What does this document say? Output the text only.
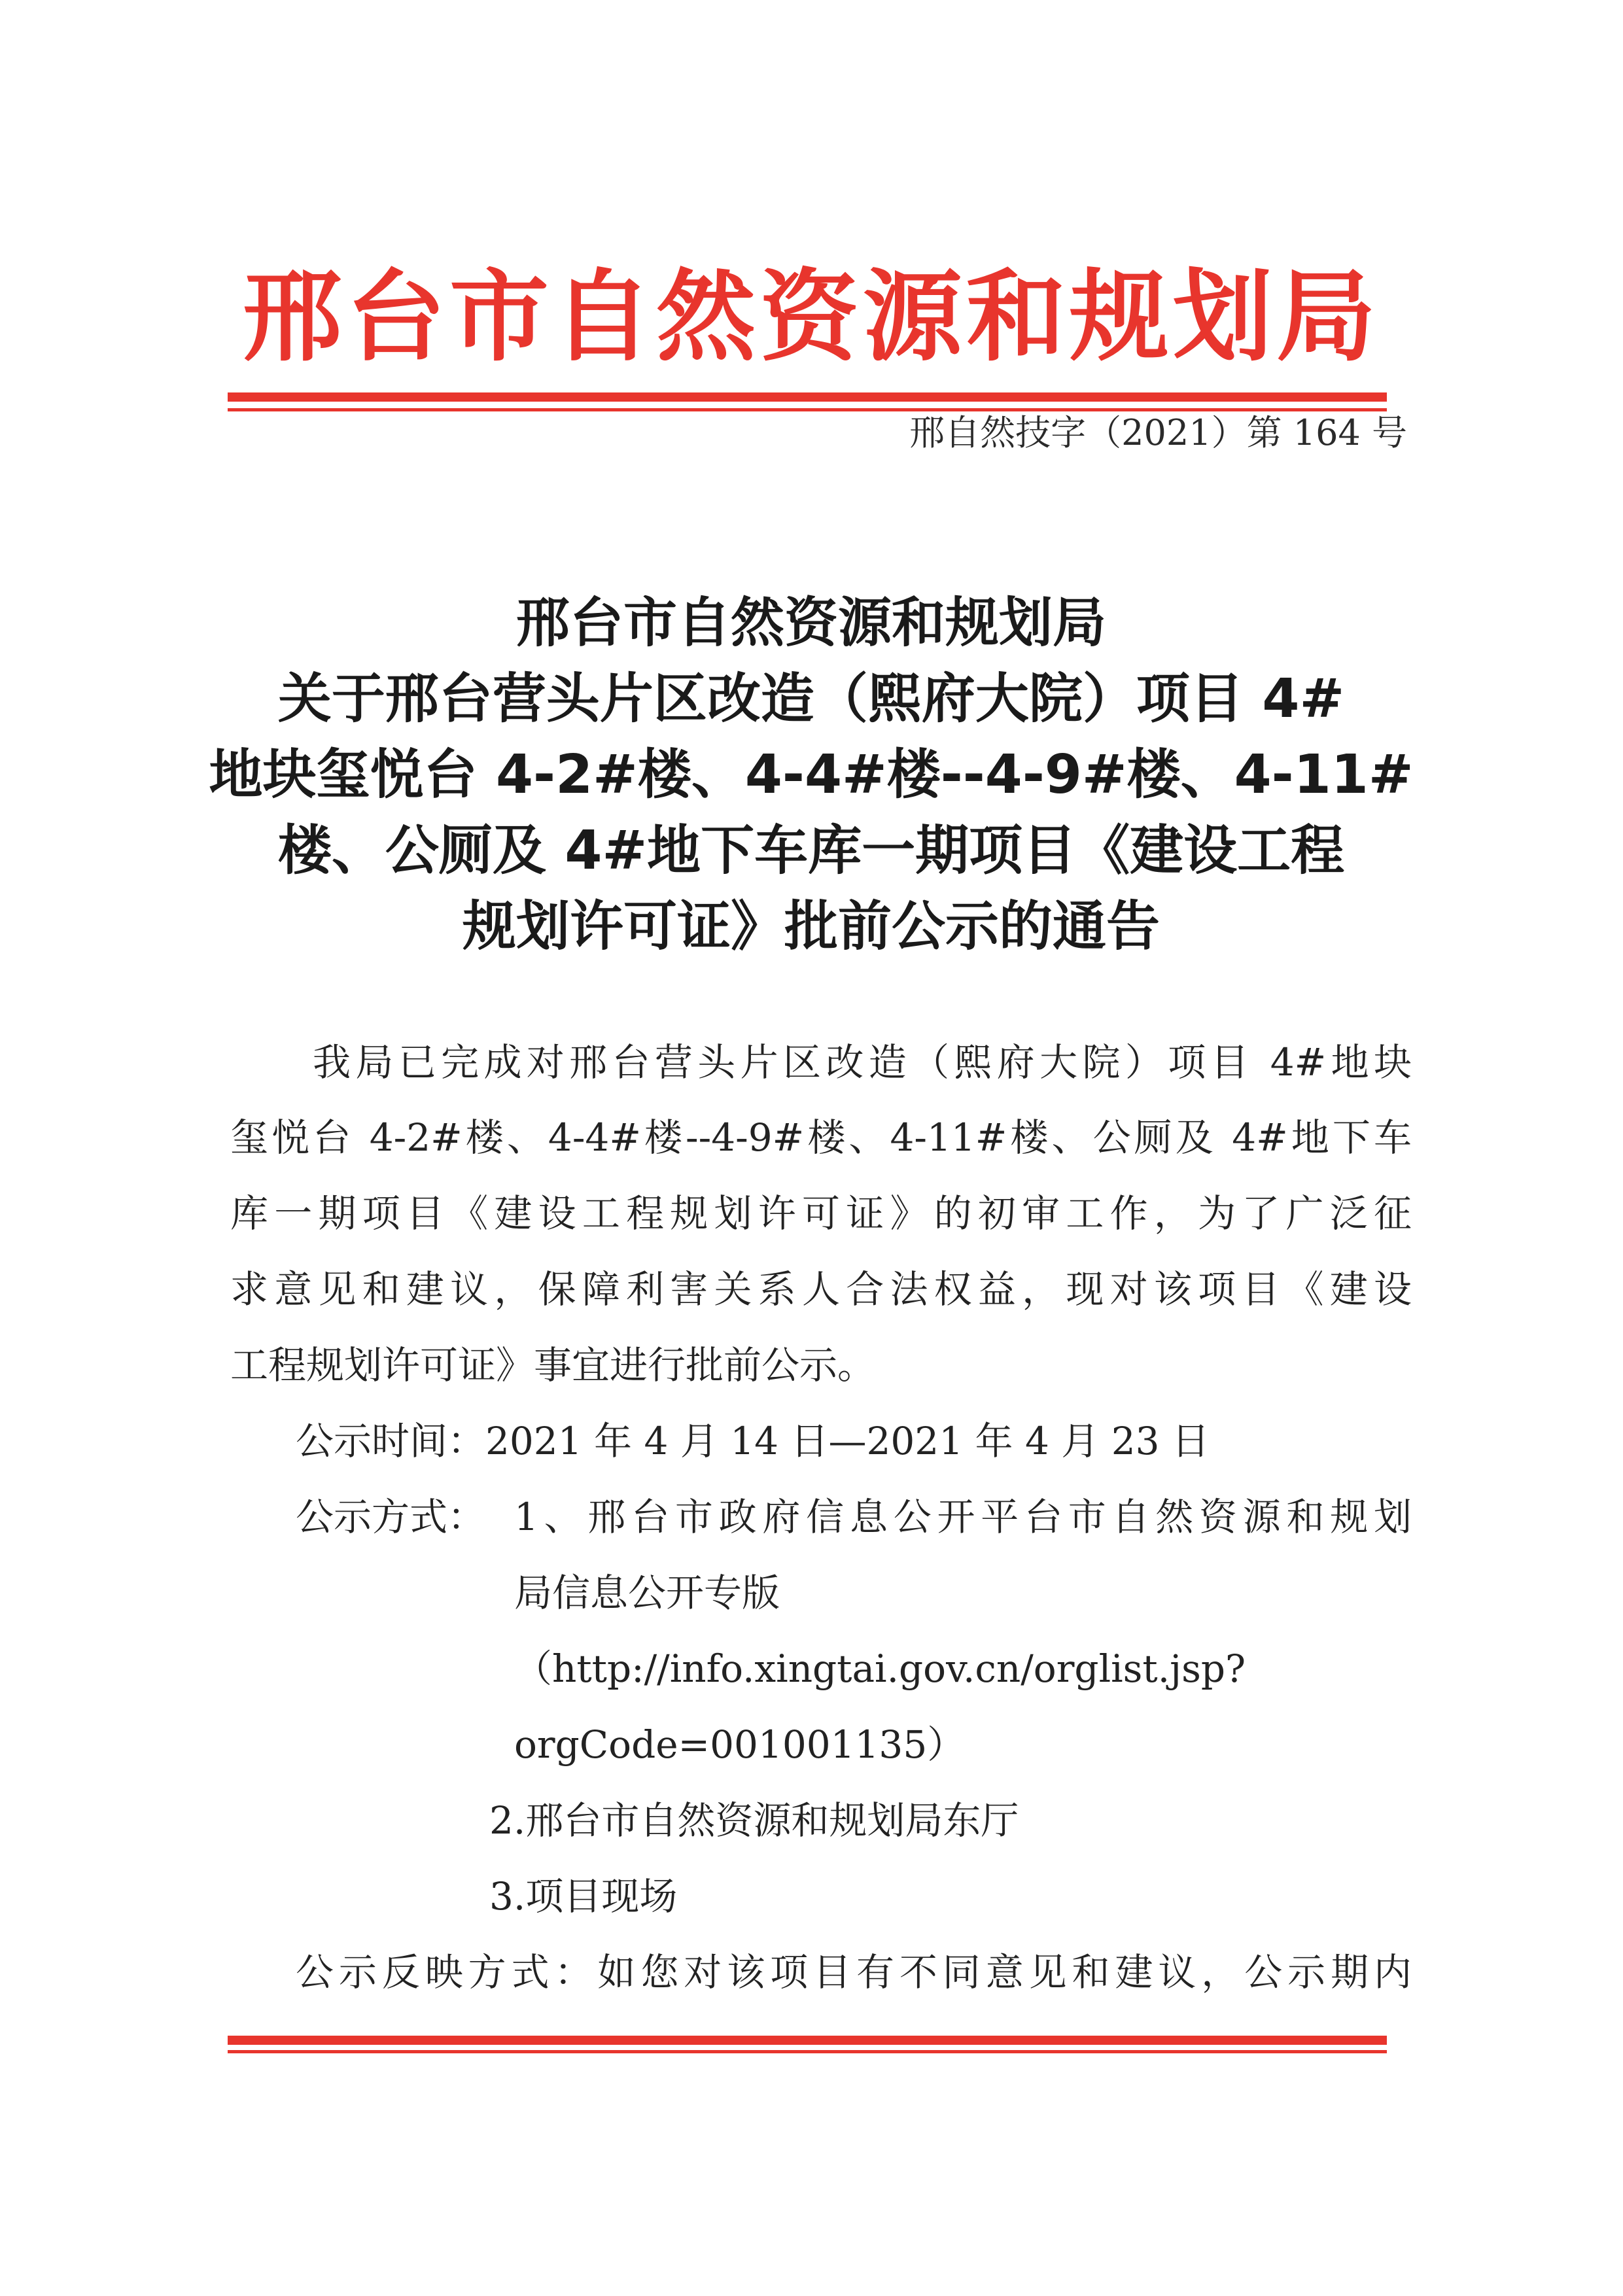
邢台市自然资源和规划局
邢自然技字（2021）第 164 号
邢台市自然资源和规划局
关于邢台营头片区改造（熙府大院）项目 4#
地块玺悦台 4-2#楼、4-4#楼--4-9#楼、4-11#
楼、公厕及 4#地下车库一期项目《建设工程
规划许可证》批前公示的通告
我局已完成对邢台营头片区改造（熙府大院）项目 4#地块
玺悦台 4-2#楼、4-4#楼--4-9#楼、4-11#楼、公厕及 4#地下车
库一期项目《建设工程规划许可证》的初审工作，为了广泛征
求意见和建议，保障利害关系人合法权益，现对该项目《建设
工程规划许可证》事宜进行批前公示。
公示时间：2021 年 4 月 14 日—2021 年 4 月 23 日
公示方式： 1、邢台市政府信息公开平台市自然资源和规划
局信息公开专版
（http://info.xingtai.gov.cn/orglist.jsp?
orgCode=001001135）
2.邢台市自然资源和规划局东厅
3.项目现场
公示反映方式：如您对该项目有不同意见和建议，公示期内
